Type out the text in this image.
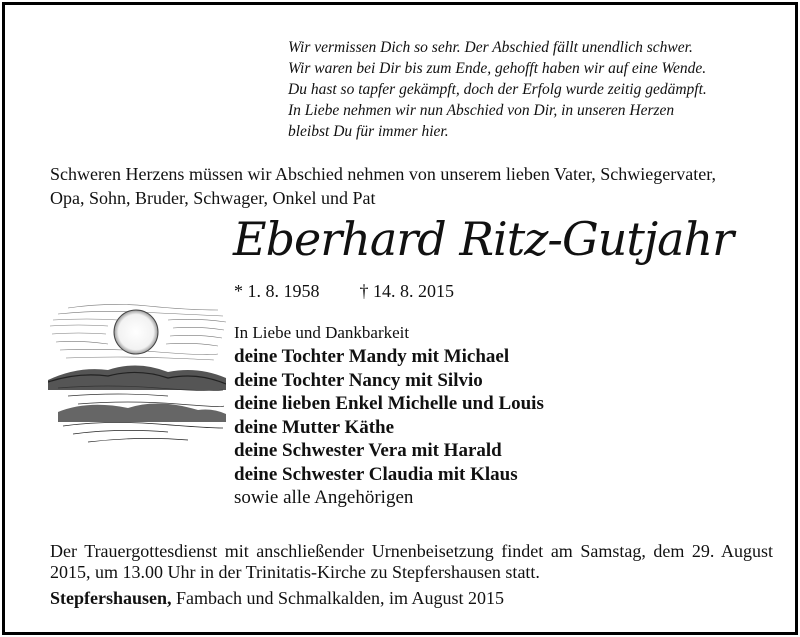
Wir vermissen Dich so sehr. Der Abschied fällt unendlich schwer.
Wir waren bei Dir bis zum Ende, gehofft haben wir auf eine Wende.
Du hast so tapfer gekämpft, doch der Erfolg wurde zeitig gedämpft.
In Liebe nehmen wir nun Abschied von Dir, in unseren Herzen
bleibst Du für immer hier.
Schweren Herzens müssen wir Abschied nehmen von unserem lieben Vater, Schwiegervater,
Opa, Sohn, Bruder, Schwager, Onkel und Pat
Eberhard Ritz-Gutjahr
* 1. 8. 1958 † 14. 8. 2015
In Liebe und Dankbarkeit
deine Tochter Mandy mit Michael
deine Tochter Nancy mit Silvio
deine lieben Enkel Michelle und Louis
deine Mutter Käthe
deine Schwester Vera mit Harald
deine Schwester Claudia mit Klaus
sowie alle Angehörigen
Der Trauergottesdienst mit anschließender Urnenbeisetzung findet am Samstag, dem 29. August 2015, um 13.00 Uhr in der Trinitatis-Kirche zu Stepfershausen statt.
Stepfershausen, Fambach und Schmalkalden, im August 2015
